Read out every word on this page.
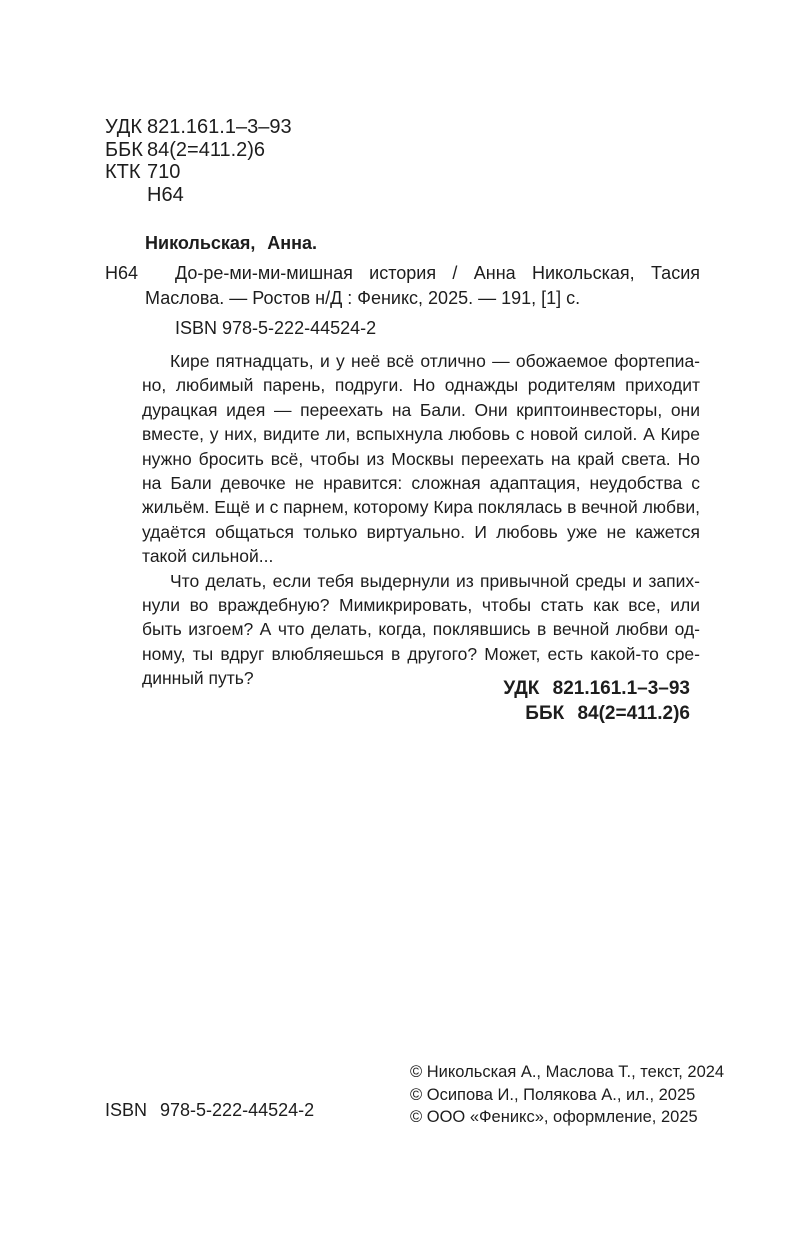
УДК 821.161.1–3–93
ББК 84(2=411.2)6
КТК 710
Н64
Никольская, Анна.
Н64	До-ре-ми-ми-мишная история / Анна Никольская, Тасия Маслова. — Ростов н/Д : Феникс, 2025. — 191, [1] с.

ISBN 978-5-222-44524-2

Кире пятнадцать, и у неё всё отлично — обожаемое фортепиано, любимый парень, подруги. Но однажды родителям приходит дурацкая идея — переехать на Бали. Они криптоинвесторы, они вместе, у них, видите ли, вспыхнула любовь с новой силой. А Кире нужно бросить всё, чтобы из Москвы переехать на край света. Но на Бали девочке не нравится: сложная адаптация, неудобства с жильём. Ещё и с парнем, которому Кира поклялась в вечной любви, удаётся общаться только виртуально. И любовь уже не кажется такой сильной...

Что делать, если тебя выдернули из привычной среды и запихнули во враждебную? Мимикрировать, чтобы стать как все, или быть изгоем? А что делать, когда, поклявшись в вечной любви одному, ты вдруг влюбляешься в другого? Может, есть какой-то срединный путь?	УДК 821.161.1–3–93
ББК 84(2=411.2)6
ISBN 978-5-222-44524-2
© Никольская А., Маслова Т., текст, 2024
© Осипова И., Полякова А., ил., 2025
© ООО «Феникс», оформление, 2025
